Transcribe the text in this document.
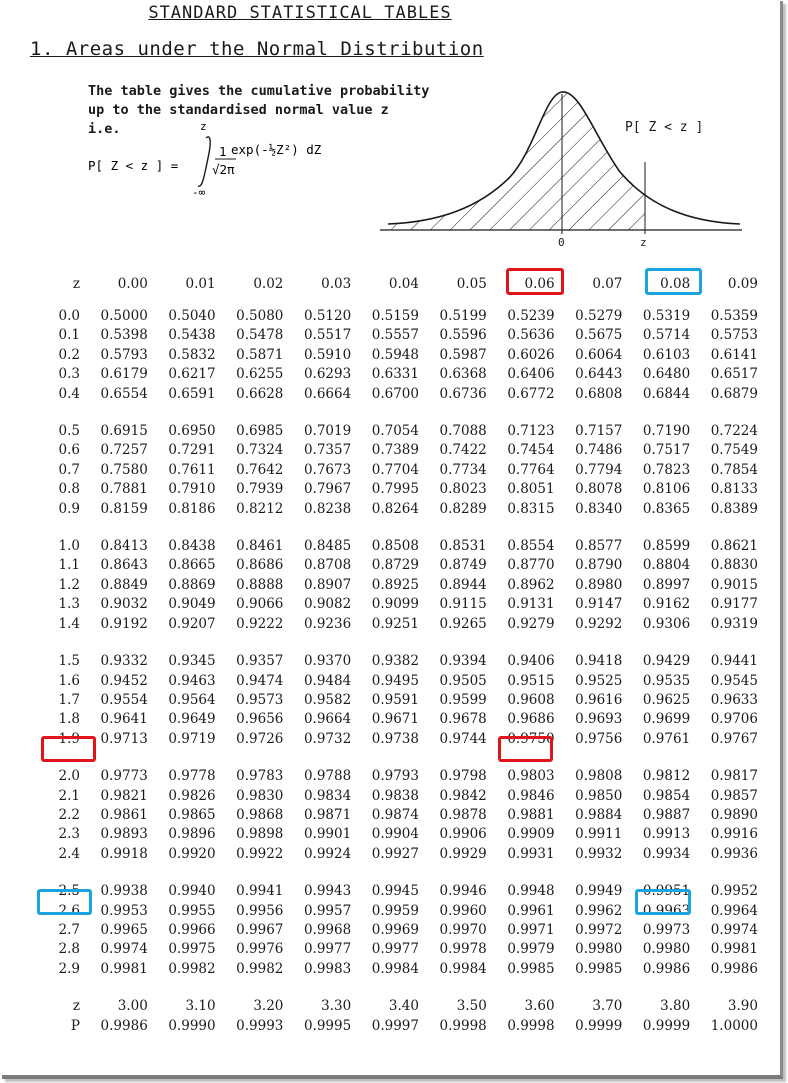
STANDARD STATISTICAL TABLES
1. Areas under the Normal Distribution
The table gives the cumulative probability
up to the standardised normal value z
i.e.
P[ Z < z ] =
z
-∞
1
√2π
exp(-½Z²) dZ
P[ Z < z ]
0	z
z	0.00	0.01	0.02	0.03	0.04	0.05	0.06	0.07	0.08	0.09

0.0	0.5000	0.5040	0.5080	0.5120	0.5159	0.5199	0.5239	0.5279	0.5319	0.5359
0.1	0.5398	0.5438	0.5478	0.5517	0.5557	0.5596	0.5636	0.5675	0.5714	0.5753
0.2	0.5793	0.5832	0.5871	0.5910	0.5948	0.5987	0.6026	0.6064	0.6103	0.6141
0.3	0.6179	0.6217	0.6255	0.6293	0.6331	0.6368	0.6406	0.6443	0.6480	0.6517
0.4	0.6554	0.6591	0.6628	0.6664	0.6700	0.6736	0.6772	0.6808	0.6844	0.6879

0.5	0.6915	0.6950	0.6985	0.7019	0.7054	0.7088	0.7123	0.7157	0.7190	0.7224
0.6	0.7257	0.7291	0.7324	0.7357	0.7389	0.7422	0.7454	0.7486	0.7517	0.7549
0.7	0.7580	0.7611	0.7642	0.7673	0.7704	0.7734	0.7764	0.7794	0.7823	0.7854
0.8	0.7881	0.7910	0.7939	0.7967	0.7995	0.8023	0.8051	0.8078	0.8106	0.8133
0.9	0.8159	0.8186	0.8212	0.8238	0.8264	0.8289	0.8315	0.8340	0.8365	0.8389

1.0	0.8413	0.8438	0.8461	0.8485	0.8508	0.8531	0.8554	0.8577	0.8599	0.8621
1.1	0.8643	0.8665	0.8686	0.8708	0.8729	0.8749	0.8770	0.8790	0.8804	0.8830
1.2	0.8849	0.8869	0.8888	0.8907	0.8925	0.8944	0.8962	0.8980	0.8997	0.9015
1.3	0.9032	0.9049	0.9066	0.9082	0.9099	0.9115	0.9131	0.9147	0.9162	0.9177
1.4	0.9192	0.9207	0.9222	0.9236	0.9251	0.9265	0.9279	0.9292	0.9306	0.9319

1.5	0.9332	0.9345	0.9357	0.9370	0.9382	0.9394	0.9406	0.9418	0.9429	0.9441
1.6	0.9452	0.9463	0.9474	0.9484	0.9495	0.9505	0.9515	0.9525	0.9535	0.9545
1.7	0.9554	0.9564	0.9573	0.9582	0.9591	0.9599	0.9608	0.9616	0.9625	0.9633
1.8	0.9641	0.9649	0.9656	0.9664	0.9671	0.9678	0.9686	0.9693	0.9699	0.9706
1.9	0.9713	0.9719	0.9726	0.9732	0.9738	0.9744	0.9750	0.9756	0.9761	0.9767

2.0	0.9773	0.9778	0.9783	0.9788	0.9793	0.9798	0.9803	0.9808	0.9812	0.9817
2.1	0.9821	0.9826	0.9830	0.9834	0.9838	0.9842	0.9846	0.9850	0.9854	0.9857
2.2	0.9861	0.9865	0.9868	0.9871	0.9874	0.9878	0.9881	0.9884	0.9887	0.9890
2.3	0.9893	0.9896	0.9898	0.9901	0.9904	0.9906	0.9909	0.9911	0.9913	0.9916
2.4	0.9918	0.9920	0.9922	0.9924	0.9927	0.9929	0.9931	0.9932	0.9934	0.9936

2.5	0.9938	0.9940	0.9941	0.9943	0.9945	0.9946	0.9948	0.9949	0.9951	0.9952
2.6	0.9953	0.9955	0.9956	0.9957	0.9959	0.9960	0.9961	0.9962	0.9963	0.9964
2.7	0.9965	0.9966	0.9967	0.9968	0.9969	0.9970	0.9971	0.9972	0.9973	0.9974
2.8	0.9974	0.9975	0.9976	0.9977	0.9977	0.9978	0.9979	0.9980	0.9980	0.9981
2.9	0.9981	0.9982	0.9982	0.9983	0.9984	0.9984	0.9985	0.9985	0.9986	0.9986

z	3.00	3.10	3.20	3.30	3.40	3.50	3.60	3.70	3.80	3.90
P	0.9986	0.9990	0.9993	0.9995	0.9997	0.9998	0.9998	0.9999	0.9999	1.0000
